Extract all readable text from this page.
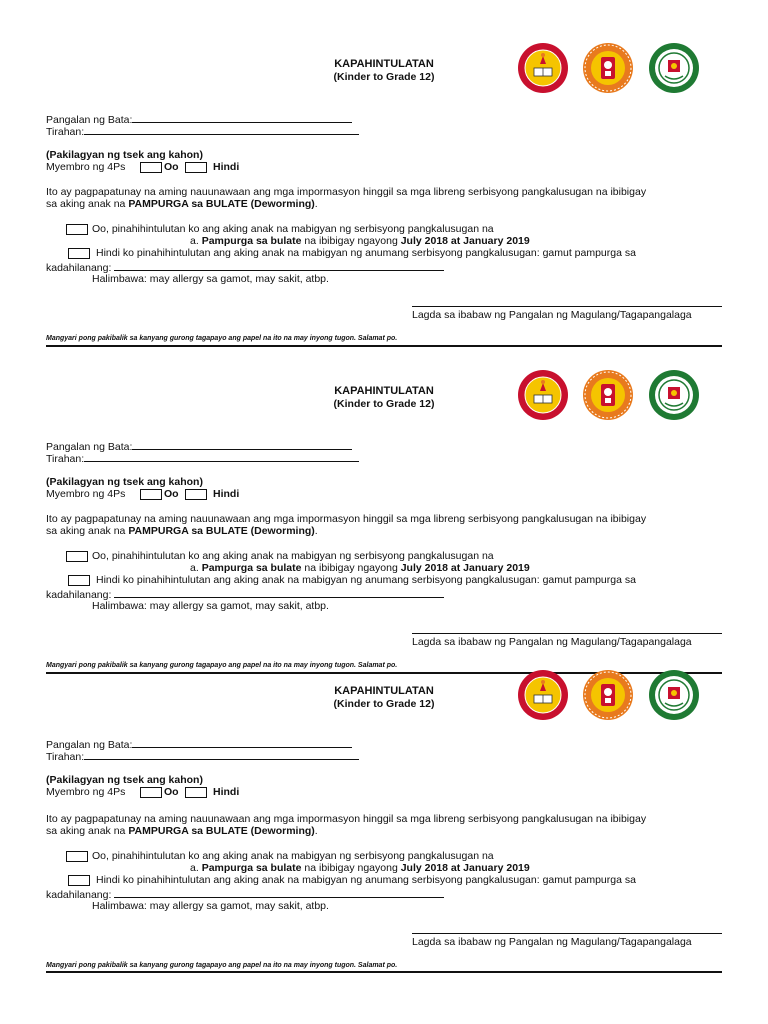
KAPAHINTULATAN
(Kinder to Grade 12)
Pangalan ng Bata:
Tirahan:
(Pakilagyan ng tsek ang kahon)
Myembro ng 4Ps	Oo	Hindi
Ito ay pagpapatunay na aming nauunawaan ang mga impormasyon hinggil sa mga libreng serbisyong pangkalusugan na ibibigay
sa aking anak na PAMPURGA sa BULATE (Deworming).
Oo, pinahihintulutan ko ang aking anak na mabigyan ng serbisyong pangkalusugan na
a. Pampurga sa bulate na ibibigay ngayong July 2018 at January 2019
Hindi ko pinahihintulutan ang aking anak na mabigyan ng anumang serbisyong pangkalusugan: gamut pampurga sa
kadahilanang:
Halimbawa: may allergy sa gamot, may sakit, atbp.
Lagda sa ibabaw ng Pangalan ng Magulang/Tagapangalaga
Mangyari pong pakibalik sa kanyang gurong tagapayo ang papel na ito na may inyong tugon. Salamat po.
KAPAHINTULATAN
(Kinder to Grade 12)
Pangalan ng Bata:
Tirahan:
(Pakilagyan ng tsek ang kahon)
Myembro ng 4Ps	Oo	Hindi
Ito ay pagpapatunay na aming nauunawaan ang mga impormasyon hinggil sa mga libreng serbisyong pangkalusugan na ibibigay
sa aking anak na PAMPURGA sa BULATE (Deworming).
Oo, pinahihintulutan ko ang aking anak na mabigyan ng serbisyong pangkalusugan na
a. Pampurga sa bulate na ibibigay ngayong July 2018 at January 2019
Hindi ko pinahihintulutan ang aking anak na mabigyan ng anumang serbisyong pangkalusugan: gamut pampurga sa
kadahilanang:
Halimbawa: may allergy sa gamot, may sakit, atbp.
Lagda sa ibabaw ng Pangalan ng Magulang/Tagapangalaga
Mangyari pong pakibalik sa kanyang gurong tagapayo ang papel na ito na may inyong tugon. Salamat po.
KAPAHINTULATAN
(Kinder to Grade 12)
Pangalan ng Bata:
Tirahan:
(Pakilagyan ng tsek ang kahon)
Myembro ng 4Ps	Oo	Hindi
Ito ay pagpapatunay na aming nauunawaan ang mga impormasyon hinggil sa mga libreng serbisyong pangkalusugan na ibibigay
sa aking anak na PAMPURGA sa BULATE (Deworming).
Oo, pinahihintulutan ko ang aking anak na mabigyan ng serbisyong pangkalusugan na
a. Pampurga sa bulate na ibibigay ngayong July 2018 at January 2019
Hindi ko pinahihintulutan ang aking anak na mabigyan ng anumang serbisyong pangkalusugan: gamut pampurga sa
kadahilanang:
Halimbawa: may allergy sa gamot, may sakit, atbp.
Lagda sa ibabaw ng Pangalan ng Magulang/Tagapangalaga
Mangyari pong pakibalik sa kanyang gurong tagapayo ang papel na ito na may inyong tugon. Salamat po.
